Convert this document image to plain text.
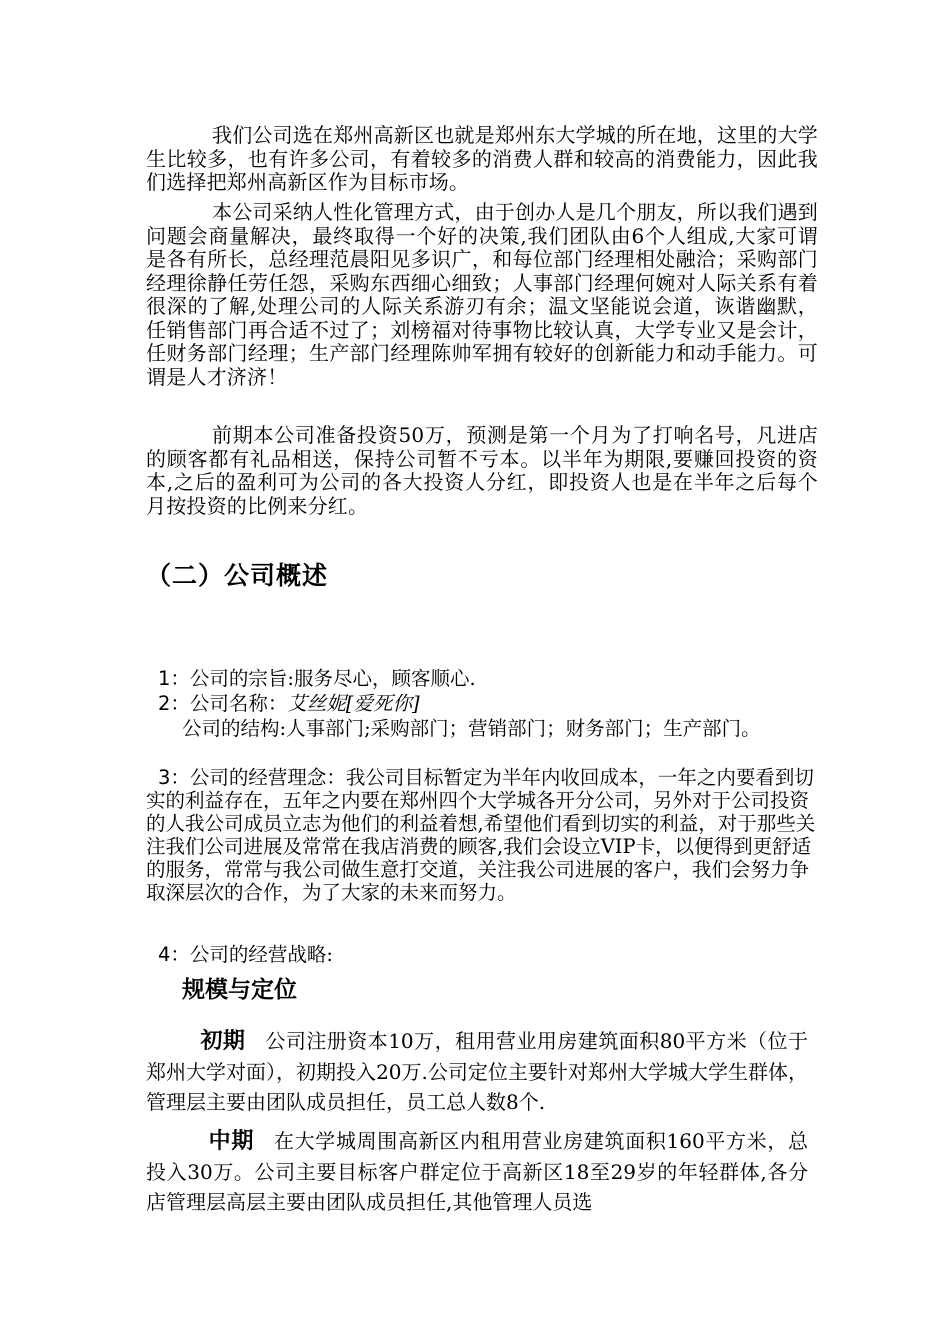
我们公司选在郑州高新区也就是郑州东大学城的所在地，这里的大学生比较多，也有许多公司，有着较多的消费人群和较高的消费能力，因此我们选择把郑州高新区作为目标市场。

本公司采纳人性化管理方式，由于创办人是几个朋友，所以我们遇到问题会商量解决，最终取得一个好的决策,我们团队由6个人组成,大家可谓是各有所长，总经理范晨阳见多识广，和每位部门经理相处融洽；采购部门经理徐静任劳任怨，采购东西细心细致；人事部门经理何婉对人际关系有着很深的了解,处理公司的人际关系游刃有余；温文坚能说会道，诙谐幽默，任销售部门再合适不过了；刘榜福对待事物比较认真，大学专业又是会计，任财务部门经理；生产部门经理陈帅军拥有较好的创新能力和动手能力。可谓是人才济济！

前期本公司准备投资50万，预测是第一个月为了打响名号，凡进店的顾客都有礼品相送，保持公司暂不亏本。以半年为期限,要赚回投资的资本,之后的盈利可为公司的各大投资人分红，即投资人也是在半年之后每个月按投资的比例来分红。

（二）公司概述
1：公司的宗旨:服务尽心，顾客顺心.
2：公司名称：艾丝妮[爱死你]
公司的结构:人事部门;采购部门；营销部门；财务部门；生产部门。
3：公司的经营理念：我公司目标暂定为半年内收回成本，一年之内要看到切实的利益存在，五年之内要在郑州四个大学城各开分公司，另外对于公司投资的人我公司成员立志为他们的利益着想,希望他们看到切实的利益，对于那些关注我们公司进展及常常在我店消费的顾客,我们会设立VIP卡，以便得到更舒适的服务，常常与我公司做生意打交道，关注我公司进展的客户，我们会努力争取深层次的合作，为了大家的未来而努力。
4：公司的经营战略:
规模与定位

初期 公司注册资本10万，租用营业用房建筑面积80平方米（位于郑州大学对面），初期投入20万.公司定位主要针对郑州大学城大学生群体，管理层主要由团队成员担任，员工总人数8个.

中期 在大学城周围高新区内租用营业房建筑面积160平方米，总投入30万。公司主要目标客户群定位于高新区18至29岁的年轻群体,各分店管理层高层主要由团队成员担任,其他管理人员选
